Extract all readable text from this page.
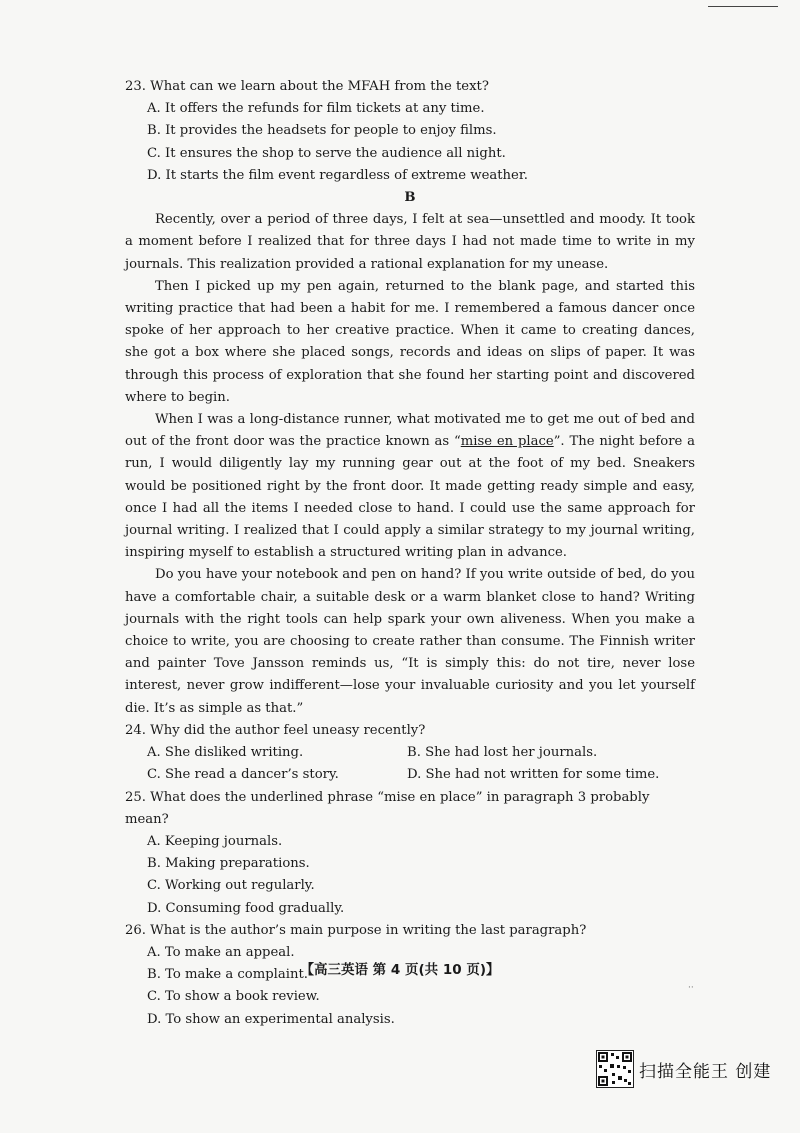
23. What can we learn about the MFAH from the text?

A. It offers the refunds for film tickets at any time.

B. It provides the headsets for people to enjoy films.

C. It ensures the shop to serve the audience all night.

D. It starts the film event regardless of extreme weather.

B

Recently, over a period of three days, I felt at sea—unsettled and moody. It took a moment before I realized that for three days I had not made time to write in my journals. This realization provided a rational explanation for my unease.

Then I picked up my pen again, returned to the blank page, and started this writing practice that had been a habit for me. I remembered a famous dancer once spoke of her approach to her creative practice. When it came to creating dances, she got a box where she placed songs, records and ideas on slips of paper. It was through this process of exploration that she found her starting point and discovered where to begin.

When I was a long-distance runner, what motivated me to get me out of bed and out of the front door was the practice known as “mise en place”. The night before a run, I would diligently lay my running gear out at the foot of my bed. Sneakers would be positioned right by the front door. It made getting ready simple and easy, once I had all the items I needed close to hand. I could use the same approach for journal writing. I realized that I could apply a similar strategy to my journal writing, inspiring myself to establish a structured writing plan in advance.

Do you have your notebook and pen on hand? If you write outside of bed, do you have a comfortable chair, a suitable desk or a warm blanket close to hand? Writing journals with the right tools can help spark your own aliveness. When you make a choice to write, you are choosing to create rather than consume. The Finnish writer and painter Tove Jansson reminds us, “It is simply this: do not tire, never lose interest, never grow indifferent—lose your invaluable curiosity and you let yourself die. It’s as simple as that.”

24. Why did the author feel uneasy recently?

A. She disliked writing.	B. She had lost her journals.
C. She read a dancer’s story.	D. She had not written for some time.

25. What does the underlined phrase “mise en place” in paragraph 3 probably mean?

A. Keeping journals.

B. Making preparations.

C. Working out regularly.

D. Consuming food gradually.

26. What is the author’s main purpose in writing the last paragraph?

A. To make an appeal.

B. To make a complaint.

C. To show a book review.

D. To show an experimental analysis.

【高三英语 第 4 页(共 10 页)】
··
扫描全能王 创建
